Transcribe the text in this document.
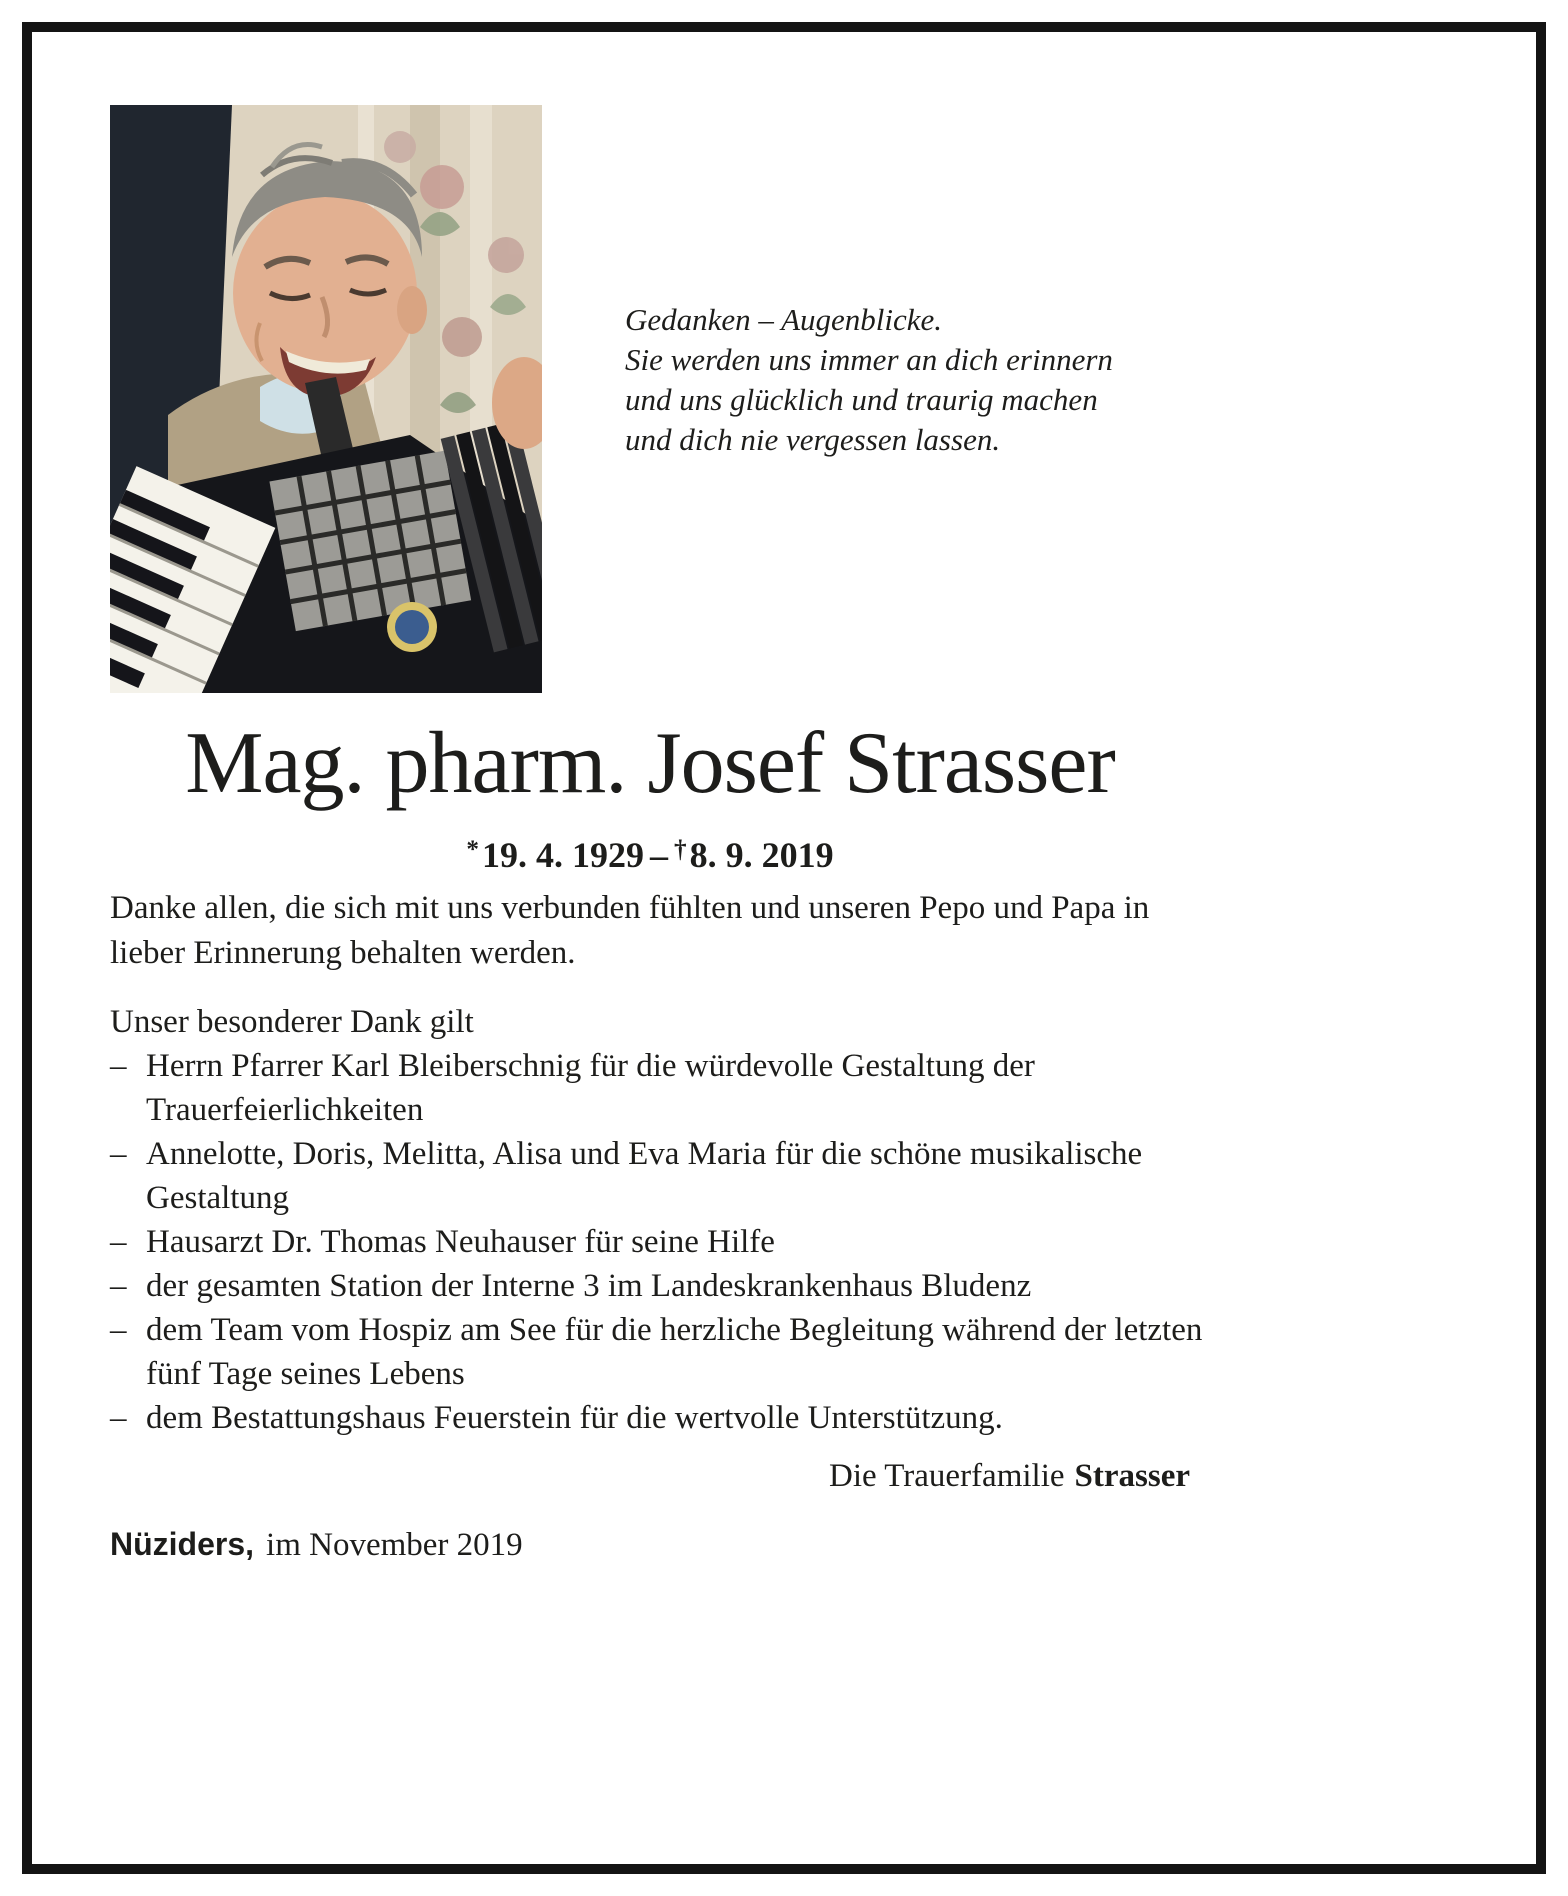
Gedanken – Augenblicke.
Sie werden uns immer an dich erinnern
und uns glücklich und traurig machen
und dich nie vergessen lassen.
Mag. pharm. Josef Strasser
*19. 4. 1929 – †8. 9. 2019

Danke allen, die sich mit uns verbunden fühlten und unseren Pepo und Papa in lieber Erinnerung behalten werden.

Unser besonderer Dank gilt

– Herrn Pfarrer Karl Bleiberschnig für die würdevolle Gestaltung der Trauerfeierlichkeiten
– Annelotte, Doris, Melitta, Alisa und Eva Maria für die schöne musikalische Gestaltung
– Hausarzt Dr. Thomas Neuhauser für seine Hilfe
– der gesamten Station der Interne 3 im Landeskrankenhaus Bludenz
– dem Team vom Hospiz am See für die herzliche Begleitung während der letzten fünf Tage seines Lebens
– dem Bestattungshaus Feuerstein für die wertvolle Unterstützung.
Die Trauerfamilie Strasser
Nüziders, im November 2019
